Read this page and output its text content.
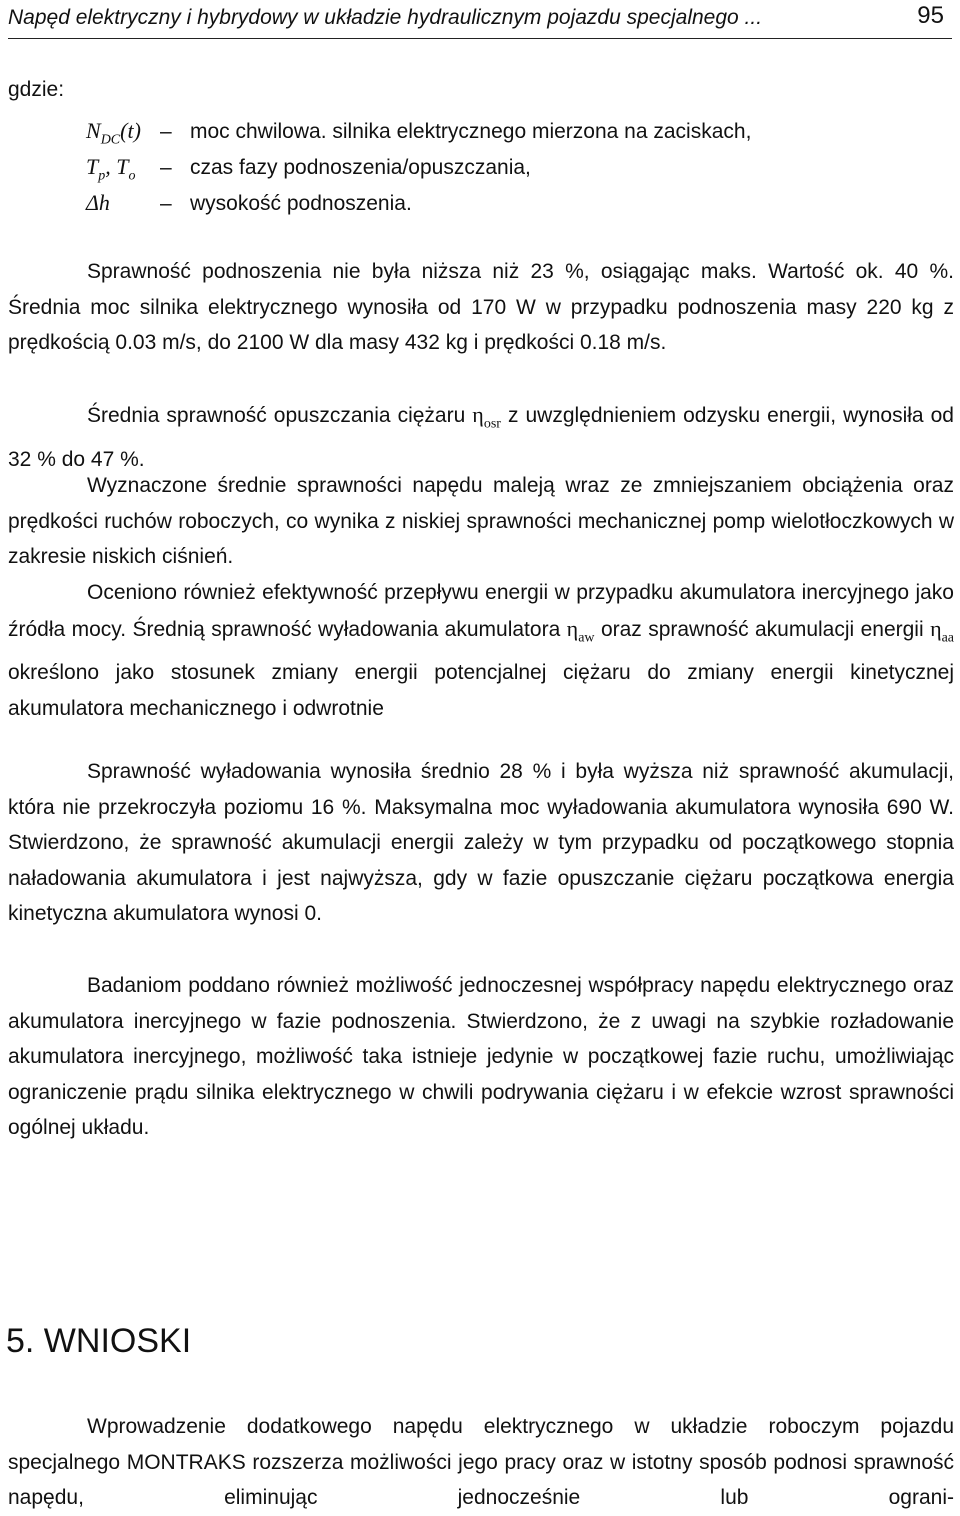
Napęd elektryczny i hybrydowy w układzie hydraulicznym pojazdu specjalnego ...	95
gdzie:
$N_{DC}(t)$ – moc chwilowa. silnika elektrycznego mierzona na zaciskach,
$T_p$, $T_o$ – czas fazy podnoszenia/opuszczania,
Δh – wysokość podnoszenia.

Sprawność podnoszenia nie była niższa niż 23 %, osiągając maks. Wartość ok. 40 %. Średnia moc silnika elektrycznego wynosiła od 170 W w przypadku podnoszenia masy 220 kg z prędkością 0.03 m/s, do 2100 W dla masy 432 kg i prędkości 0.18 m/s.

Średnia sprawność opuszczania ciężaru $\eta_{osr}$ z uwzględnieniem odzysku energii, wynosiła od 32 % do 47 %.

Wyznaczone średnie sprawności napędu maleją wraz ze zmniejszaniem obciążenia oraz prędkości ruchów roboczych, co wynika z niskiej sprawności mechanicznej pomp wielotłoczkowych w zakresie niskich ciśnień.

Oceniono również efektywność przepływu energii w przypadku akumulatora inercyjnego jako źródła mocy. Średnią sprawność wyładowania akumulatora $\eta_{aw}$ oraz sprawność akumulacji energii $\eta_{aa}$ określono jako stosunek zmiany energii potencjalnej ciężaru do zmiany energii kinetycznej akumulatora mechanicznego i odwrotnie

Sprawność wyładowania wynosiła średnio 28 % i była wyższa niż sprawność akumulacji, która nie przekroczyła poziomu 16 %. Maksymalna moc wyładowania akumulatora wynosiła 690 W. Stwierdzono, że sprawność akumulacji energii zależy w tym przypadku od początkowego stopnia naładowania akumulatora i jest najwyższa, gdy w fazie opuszczanie ciężaru początkowa energia kinetyczna akumulatora wynosi 0.

Badaniom poddano również możliwość jednoczesnej współpracy napędu elektrycznego oraz akumulatora inercyjnego w fazie podnoszenia. Stwierdzono, że z uwagi na szybkie rozładowanie akumulatora inercyjnego, możliwość taka istnieje jedynie w początkowej fazie ruchu, umożliwiając ograniczenie prądu silnika elektrycznego w chwili podrywania ciężaru i w efekcie wzrost sprawności ogólnej układu.

5. WNIOSKI

Wprowadzenie dodatkowego napędu elektrycznego w układzie roboczym pojazdu specjalnego MONTRAKS rozszerza możliwości jego pracy oraz w istotny sposób podnosi sprawność napędu, eliminując jednocześnie lub ograni-
